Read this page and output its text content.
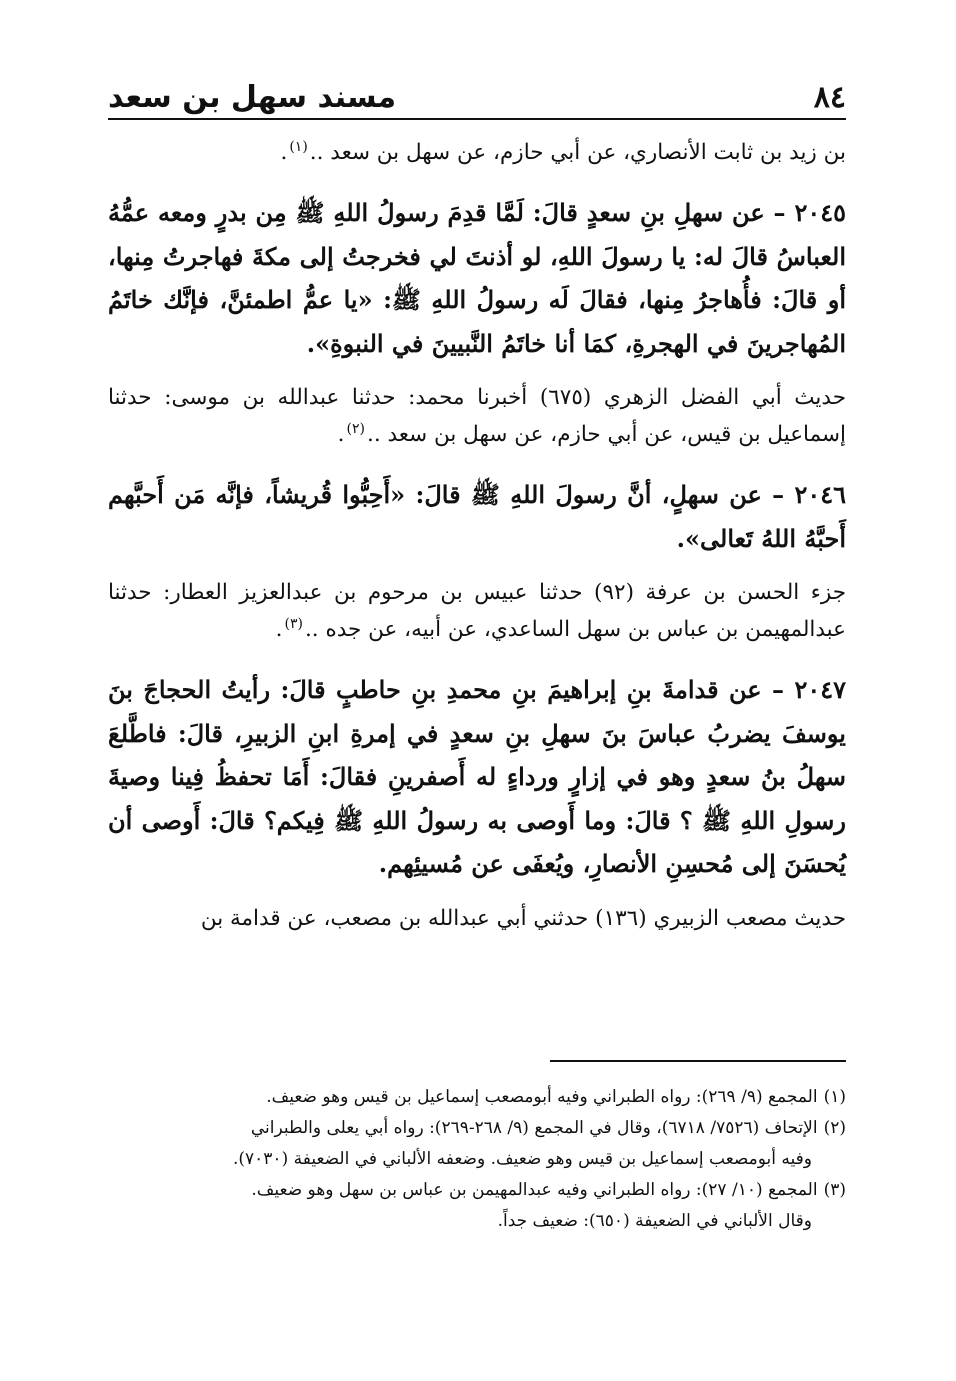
٨٤
مسند سهل بن سعد

بن زيد بن ثابت الأنصاري، عن أبي حازم، عن سهل بن سعد ..$^{(١)}$.

٢٠٤٥ – عن سهلِ بنِ سعدٍ قالَ: لَمَّا قدِمَ رسولُ اللهِ ﷺ مِن بدرٍ ومعه عمُّهُ العباسُ قالَ له: يا رسولَ اللهِ، لو أذنتَ لي فخرجتُ إلى مكةَ فهاجرتُ مِنها، أو قالَ: فأُهاجرُ مِنها، فقالَ لَه رسولُ اللهِ ﷺ: «يا عمُّ اطمئنَّ، فإنَّك خاتَمُ المُهاجرينَ في الهجرةِ، كمَا أنا خاتَمُ النَّبيينَ في النبوةِ».

حديث أبي الفضل الزهري (٦٧٥) أخبرنا محمد: حدثنا عبدالله بن موسى: حدثنا إسماعيل بن قيس، عن أبي حازم، عن سهل بن سعد ..$^{(٢)}$.

٢٠٤٦ – عن سهلٍ، أنَّ رسولَ اللهِ ﷺ قالَ: «أَحِبُّوا قُريشاً، فإنَّه مَن أَحبَّهم أَحبَّهُ اللهُ تَعالى».

جزء الحسن بن عرفة (٩٢) حدثنا عبيس بن مرحوم بن عبدالعزيز العطار: حدثنا عبدالمهيمن بن عباس بن سهل الساعدي، عن أبيه، عن جده ..$^{(٣)}$.

٢٠٤٧ – عن قدامةَ بنِ إبراهيمَ بنِ محمدِ بنِ حاطبٍ قالَ: رأيتُ الحجاجَ بنَ يوسفَ يضربُ عباسَ بنَ سهلِ بنِ سعدٍ في إمرةِ ابنِ الزبيرِ، قالَ: فاطَّلعَ سهلُ بنُ سعدٍ وهو في إزارٍ ورداءٍ له أَصفرينِ فقالَ: أَمَا تحفظُ فِينا وصيةَ رسولِ اللهِ ﷺ ؟ قالَ: وما أَوصى به رسولُ اللهِ ﷺ فِيكم؟ قالَ: أَوصى أن يُحسَنَ إلى مُحسِنِ الأنصارِ، ويُعفَى عن مُسيئِهم.

حديث مصعب الزبيري (١٣٦) حدثني أبي عبدالله بن مصعب، عن قدامة بن

(١)
المجمع (٩/ ٢٦٩): رواه الطبراني وفيه أبومصعب إسماعيل بن قيس وهو ضعيف.
(٢)
الإتحاف (٧٥٢٦/ ٦٧١٨)، وقال في المجمع (٩/ ٢٦٨-٢٦٩): رواه أبي يعلى والطبراني
وفيه أبومصعب إسماعيل بن قيس وهو ضعيف. وضعفه الألباني في الضعيفة (٧٠٣٠).
(٣)
المجمع (١٠/ ٢٧): رواه الطبراني وفيه عبدالمهيمن بن عباس بن سهل وهو ضعيف.
وقال الألباني في الضعيفة (٦٥٠): ضعيف جداً.
